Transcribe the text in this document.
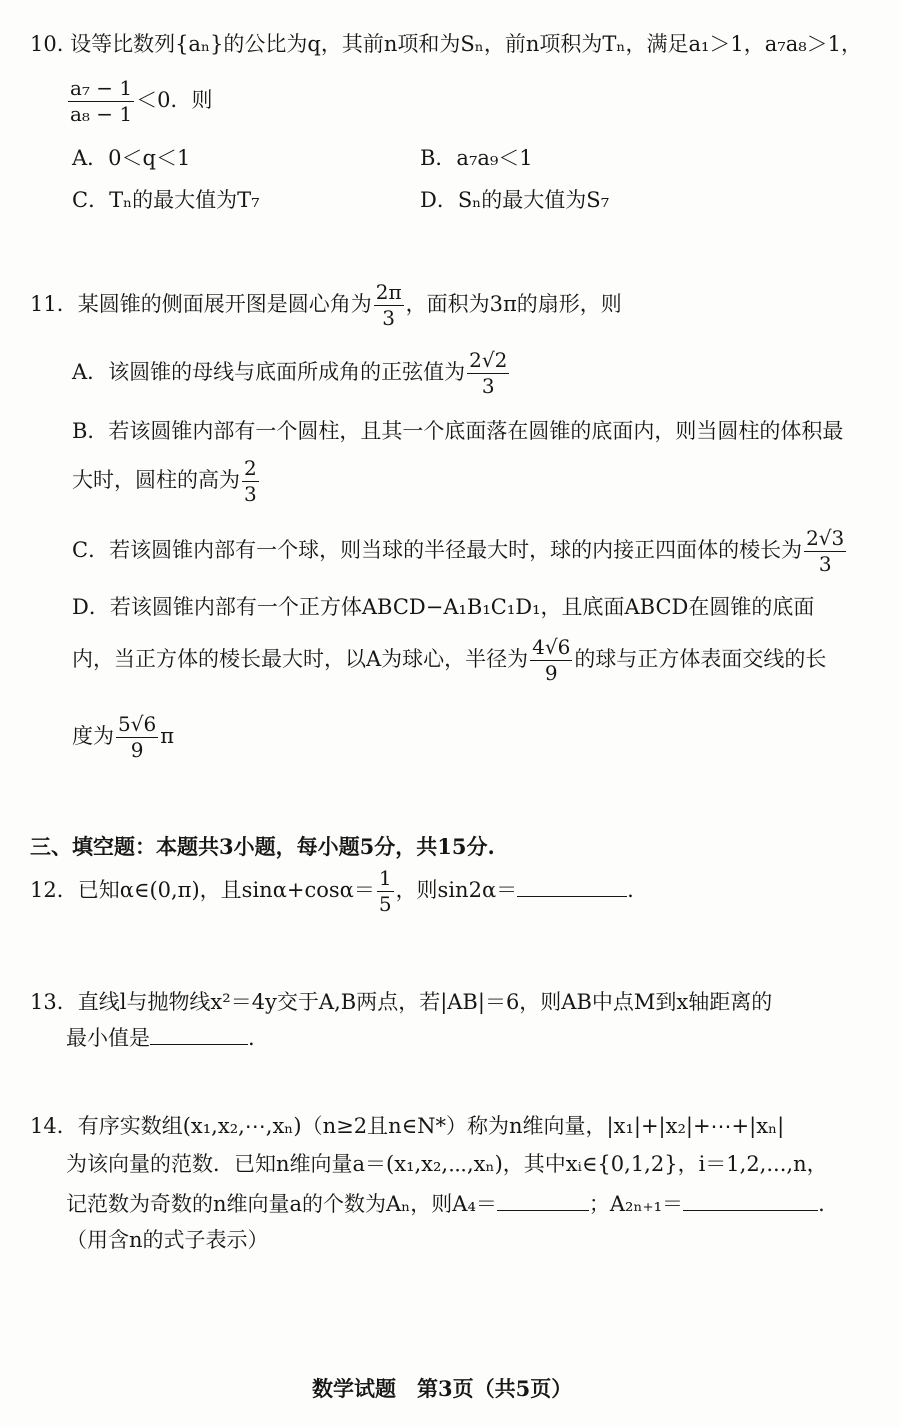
10. 设等比数列{aₙ}的公比为q，其前n项和为Sₙ，前n项积为Tₙ，满足a₁＞1，a₇a₈＞1，
$\frac{\text{a₇ − 1}}{\text{a₈ − 1}} <0$．则
A．0＜q＜1	B．a₇a₉＜1
C．Tₙ的最大值为T₇	D．Sₙ的最大值为S₇
11．某圆锥的侧面展开图是圆心角为 $\frac{2\pi}{3}$ ，面积为3π的扇形，则
A．该圆锥的母线与底面所成角的正弦值为 $\frac{2√2}{3}$
B．若该圆锥内部有一个圆柱，且其一个底面落在圆锥的底面内，则当圆柱的体积最
大时，圆柱的高为 $\frac{2}{3}$
C．若该圆锥内部有一个球，则当球的半径最大时，球的内接正四面体的棱长为 $\frac{2√3}{3}$
D．若该圆锥内部有一个正方体ABCD−A₁B₁C₁D₁，且底面ABCD在圆锥的底面
内，当正方体的棱长最大时，以A为球心，半径为 $\frac{4√6}{9}$ 的球与正方体表面交线的长
度为 $\frac{5√6}{9}$ π
三、填空题：本题共3小题，每小题5分，共15分.
12．已知α∈(0,π)，且$\sin\alpha+\cos\alpha= \frac{1}{5}$ ，则sin2α＝	.
13．直线l与抛物线x²＝4y交于A,B两点，若|AB|＝6，则AB中点M到x轴距离的
最小值是	.
14．有序实数组(x₁,x₂,⋯,xₙ)（n≥2且n∈N*）称为n维向量，|x₁|+|x₂|+⋯+|xₙ|
为该向量的范数．已知n维向量a＝(x₁,x₂,⋯,xₙ)，其中xᵢ∈{0,1,2}，i＝1,2,...,n，
记范数为奇数的n维向量a的个数为Aₙ，则A₄＝	；A₂ₙ₊₁＝	.
（用含n的式子表示）
数学试题　第3页（共5页）
